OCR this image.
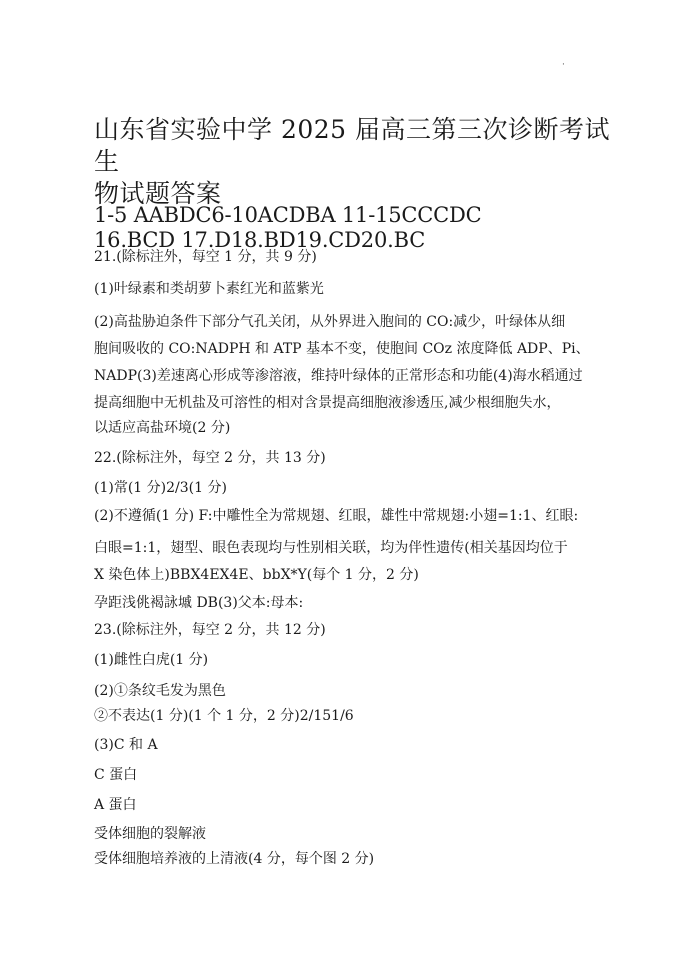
·
山东省实验中学 2025 届高三第三次诊断考试生
物试题答案
1-5 AABDC6-10ACDBA 11-15CCCDC
16.BCD 17.D18.BD19.CD20.BC
21.(除标注外，每空 1 分，共 9 分)
(1)叶绿素和类胡萝卜素红光和蓝紫光
(2)高盐胁迫条件下部分气孔关闭，从外界进入胞间的 CO:减少，叶绿体从细
胞间吸收的 CO:NADPH 和 ATP 基本不变，使胞间 COz 浓度降低 ADP、Pi、
NADP(3)差速离心形成等渗溶液，维持叶绿体的正常形态和功能(4)海水稻通过
提高细胞中无机盐及可溶性的相对含景提高细胞液渗透压,减少根细胞失水，
以适应高盐环境(2 分)
22.(除标注外，每空 2 分，共 13 分)
(1)常(1 分)2/3(1 分)
(2)不遵循(1 分) F:中雕性全为常规翅、红眼，雄性中常规翅:小翅=1:1、红眼:
白眼=1:1，翅型、眼色表现均与性别相关联，均为伴性遗传(相关基因均位于
X 染色体上)BBX4EX4E、bbX*Y(每个 1 分，2 分)
孕距浅佻褐詠墄 DB(3)父本:母本:
23.(除标注外，每空 2 分，共 12 分)
(1)雌性白虎(1 分)
(2)①条纹毛发为黑色
②不表达(1 分)(1 个 1 分，2 分)2/151/6
(3)C 和 A
C 蛋白
A 蛋白
受体细胞的裂解液
受体细胞培养液的上清液(4 分，每个图 2 分)
